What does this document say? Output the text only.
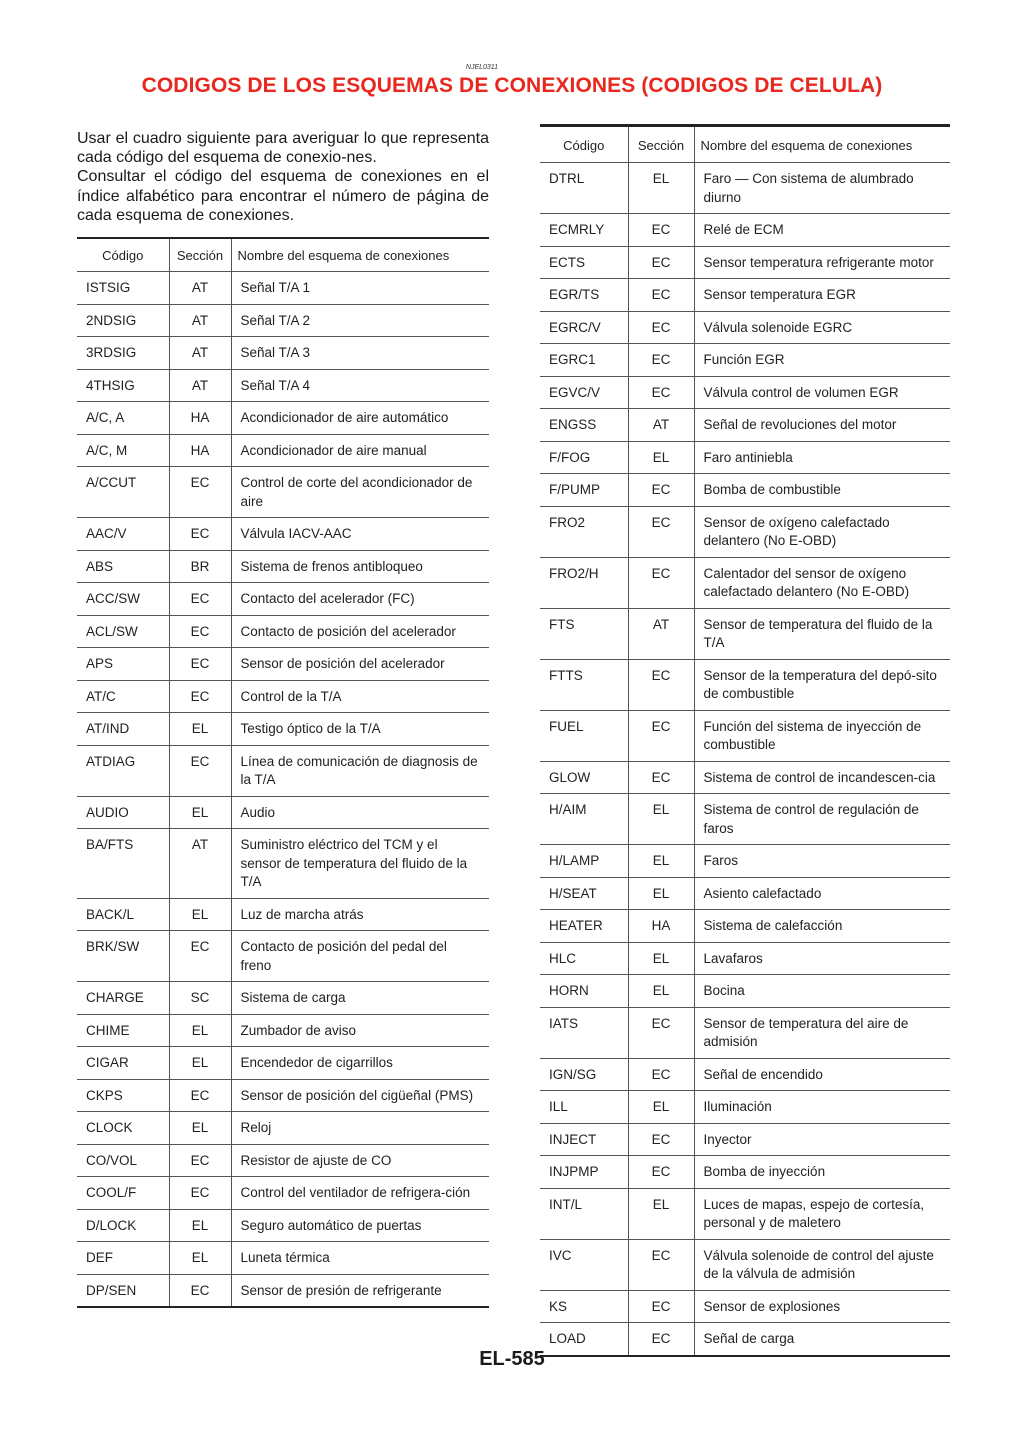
NJEL0311
CODIGOS DE LOS ESQUEMAS DE CONEXIONES (CODIGOS DE CELULA)

Usar el cuadro siguiente para averiguar lo que representa cada código del esquema de conexio-nes.

Consultar el código del esquema de conexiones en el índice alfabético para encontrar el número de página de cada esquema de conexiones.

Código	Sección	Nombre del esquema de conexiones
ISTSIG	AT	Señal T/A 1
2NDSIG	AT	Señal T/A 2
3RDSIG	AT	Señal T/A 3
4THSIG	AT	Señal T/A 4
A/C, A	HA	Acondicionador de aire automático
A/C, M	HA	Acondicionador de aire manual
A/CCUT	EC	Control de corte del acondicionador de aire
AAC/V	EC	Válvula IACV-AAC
ABS	BR	Sistema de frenos antibloqueo
ACC/SW	EC	Contacto del acelerador (FC)
ACL/SW	EC	Contacto de posición del acelerador
APS	EC	Sensor de posición del acelerador
AT/C	EC	Control de la T/A
AT/IND	EL	Testigo óptico de la T/A
ATDIAG	EC	Línea de comunicación de diagnosis de la T/A
AUDIO	EL	Audio
BA/FTS	AT	Suministro eléctrico del TCM y el sensor de temperatura del fluido de la T/A
BACK/L	EL	Luz de marcha atrás
BRK/SW	EC	Contacto de posición del pedal del freno
CHARGE	SC	Sistema de carga
CHIME	EL	Zumbador de aviso
CIGAR	EL	Encendedor de cigarrillos
CKPS	EC	Sensor de posición del cigüeñal (PMS)
CLOCK	EL	Reloj
CO/VOL	EC	Resistor de ajuste de CO
COOL/F	EC	Control del ventilador de refrigera-ción
D/LOCK	EL	Seguro automático de puertas
DEF	EL	Luneta térmica
DP/SEN	EC	Sensor de presión de refrigerante
Código	Sección	Nombre del esquema de conexiones
DTRL	EL	Faro — Con sistema de alumbrado diurno
ECMRLY	EC	Relé de ECM
ECTS	EC	Sensor temperatura refrigerante motor
EGR/TS	EC	Sensor temperatura EGR
EGRC/V	EC	Válvula solenoide EGRC
EGRC1	EC	Función EGR
EGVC/V	EC	Válvula control de volumen EGR
ENGSS	AT	Señal de revoluciones del motor
F/FOG	EL	Faro antiniebla
F/PUMP	EC	Bomba de combustible
FRO2	EC	Sensor de oxígeno calefactado delantero (No E-OBD)
FRO2/H	EC	Calentador del sensor de oxígeno calefactado delantero (No E-OBD)
FTS	AT	Sensor de temperatura del fluido de la T/A
FTTS	EC	Sensor de la temperatura del depó-sito de combustible
FUEL	EC	Función del sistema de inyección de combustible
GLOW	EC	Sistema de control de incandescen-cia
H/AIM	EL	Sistema de control de regulación de faros
H/LAMP	EL	Faros
H/SEAT	EL	Asiento calefactado
HEATER	HA	Sistema de calefacción
HLC	EL	Lavafaros
HORN	EL	Bocina
IATS	EC	Sensor de temperatura del aire de admisión
IGN/SG	EC	Señal de encendido
ILL	EL	Iluminación
INJECT	EC	Inyector
INJPMP	EC	Bomba de inyección
INT/L	EL	Luces de mapas, espejo de cortesía, personal y de maletero
IVC	EC	Válvula solenoide de control del ajuste de la válvula de admisión
KS	EC	Sensor de explosiones
LOAD	EC	Señal de carga
EL-585
